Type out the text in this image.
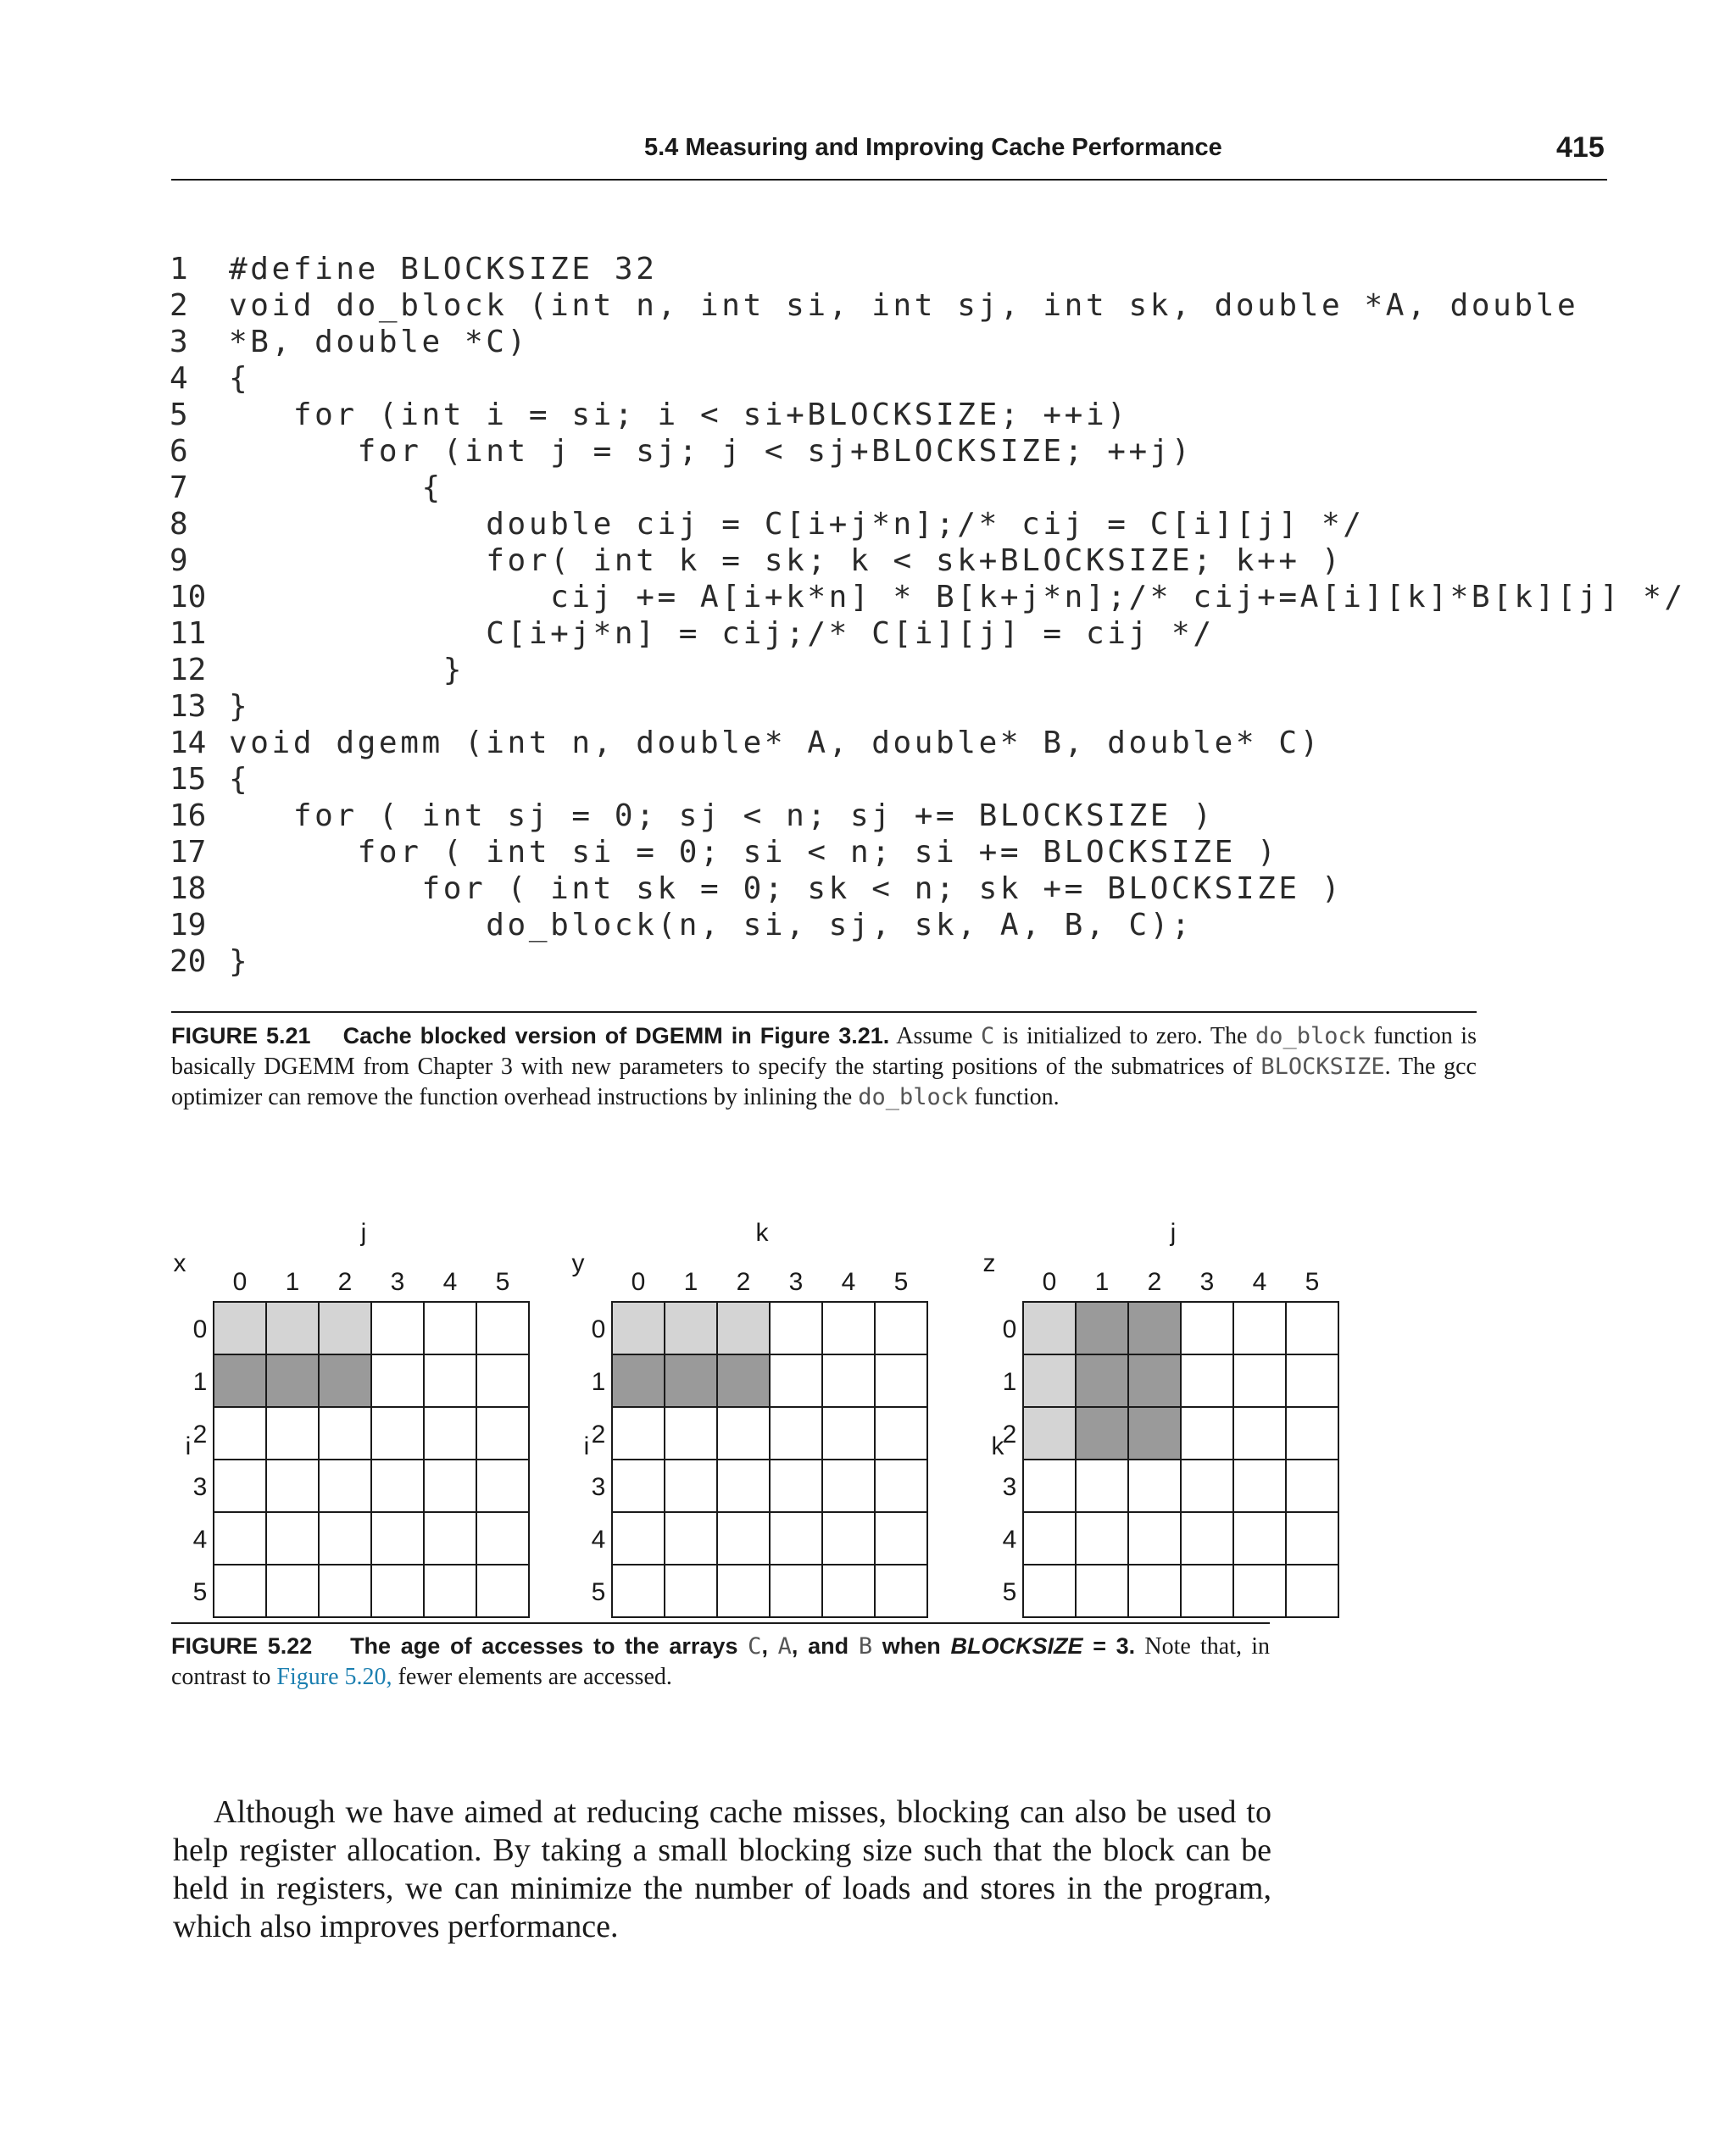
5.4 Measuring and Improving Cache Performance	415
1 #define BLOCKSIZE 32
2 void do_block (int n, int si, int sj, int sk, double *A, double
3 *B, double *C)
4 {
5   for (int i = si; i < si+BLOCKSIZE; ++i)
6      for (int j = sj; j < sj+BLOCKSIZE; ++j)
7         {
8            double cij = C[i+j*n];/* cij = C[i][j] */
9            for( int k = sk; k < sk+BLOCKSIZE; k++ )
10               cij += A[i+k*n] * B[k+j*n];/* cij+=A[i][k]*B[k][j] */
11            C[i+j*n] = cij;/* C[i][j] = cij */
12          }
13 }
14 void dgemm (int n, double* A, double* B, double* C)
15 {
16   for ( int sj = 0; sj < n; sj += BLOCKSIZE )
17      for ( int si = 0; si < n; si += BLOCKSIZE )
18         for ( int sk = 0; sk < n; sk += BLOCKSIZE )
19            do_block(n, si, sj, sk, A, B, C);
20 }
FIGURE 5.21 Cache blocked version of DGEMM in Figure 3.21. Assume C is initialized to zero. The do_block function is basically DGEMM from Chapter 3 with new parameters to specify the starting positions of the submatrices of BLOCKSIZE. The gcc optimizer can remove the function overhead instructions by inlining the do_block function.
x
j
i
0 1 2 3 4 5
0
1
2
3
4
5
y
k
i
0 1 2 3 4 5
0
1
2
3
4
5
z
j
k
0 1 2 3 4 5
0
1
2
3
4
5
FIGURE 5.22 The age of accesses to the arrays C, A, and B when BLOCKSIZE = 3. Note that, in contrast to Figure 5.20, fewer elements are accessed.
Although we have aimed at reducing cache misses, blocking can also be used to help register allocation. By taking a small blocking size such that the block can be held in registers, we can minimize the number of loads and stores in the program, which also improves performance.
